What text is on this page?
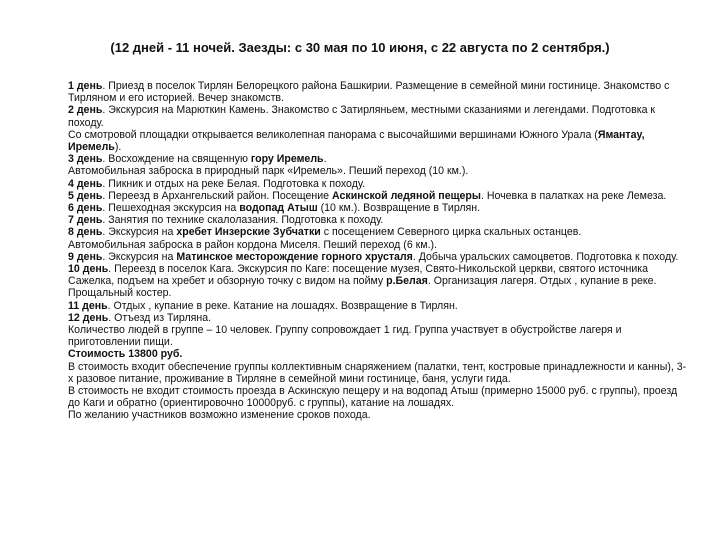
(12 дней - 11 ночей. Заезды: с 30 мая по 10 июня, с 22 августа по 2 сентября.)

1 день. Приезд в поселок Тирлян Белорецкого района Башкирии. Размещение в семейной мини гостинице. Знакомство с Тирляном и его историей. Вечер знакомств.

2 день. Экскурсия на Марюткин Камень. Знакомство с Затирляньем, местными сказаниями и легендами. Подготовка к походу.

Со смотровой площадки открывается великолепная панорама с высочайшими вершинами Южного Урала (Ямантау, Иремель).

3 день. Восхождение на священную гору Иремель.

Автомобильная заброска в природный парк «Иремель». Пеший переход (10 км.).

4 день. Пикник и отдых на реке Белая. Подготовка к походу.

5 день. Переезд в Архангельский район. Посещение Аскинской ледяной пещеры. Ночевка в палатках на реке Лемеза.

6 день. Пешеходная экскурсия на водопад Атыш (10 км.). Возвращение в Тирлян.

7 день. Занятия по технике скалолазания. Подготовка к походу.

8 день. Экскурсия на хребет Инзерские Зубчатки с посещением Северного цирка скальных останцев.

Автомобильная заброска в район кордона Миселя. Пеший переход (6 км.).

9 день. Экскурсия на Матинское месторождение горного хрусталя. Добыча уральских самоцветов. Подготовка к походу.

10 день. Переезд в поселок Кага. Экскурсия по Каге: посещение музея, Свято-Никольской церкви, святого источника Сажелка, подъем на хребет и обзорную точку с видом на пойму р.Белая. Организация лагеря. Отдых , купание в реке. Прощальный костер.

11 день. Отдых , купание в реке. Катание на лошадях. Возвращение в Тирлян.

12 день. Отъезд из Тирляна.

Количество людей в группе – 10 человек. Группу сопровождает 1 гид. Группа участвует в обустройстве лагеря и приготовлении пищи.

Стоимость 13800 руб.

В стоимость входит обеспечение группы коллективным снаряжением (палатки, тент, костровые принадлежности и канны), 3-х разовое питание, проживание в Тирляне в семейной мини гостинице, баня, услуги гида.

В стоимость не входит стоимость проезда в Аскинскую пещеру и на водопад Атыш (примерно 15000 руб. с группы), проезд до Каги и обратно (ориентировочно 10000руб. с группы), катание на лошадях.

По желанию участников возможно изменение сроков похода.
